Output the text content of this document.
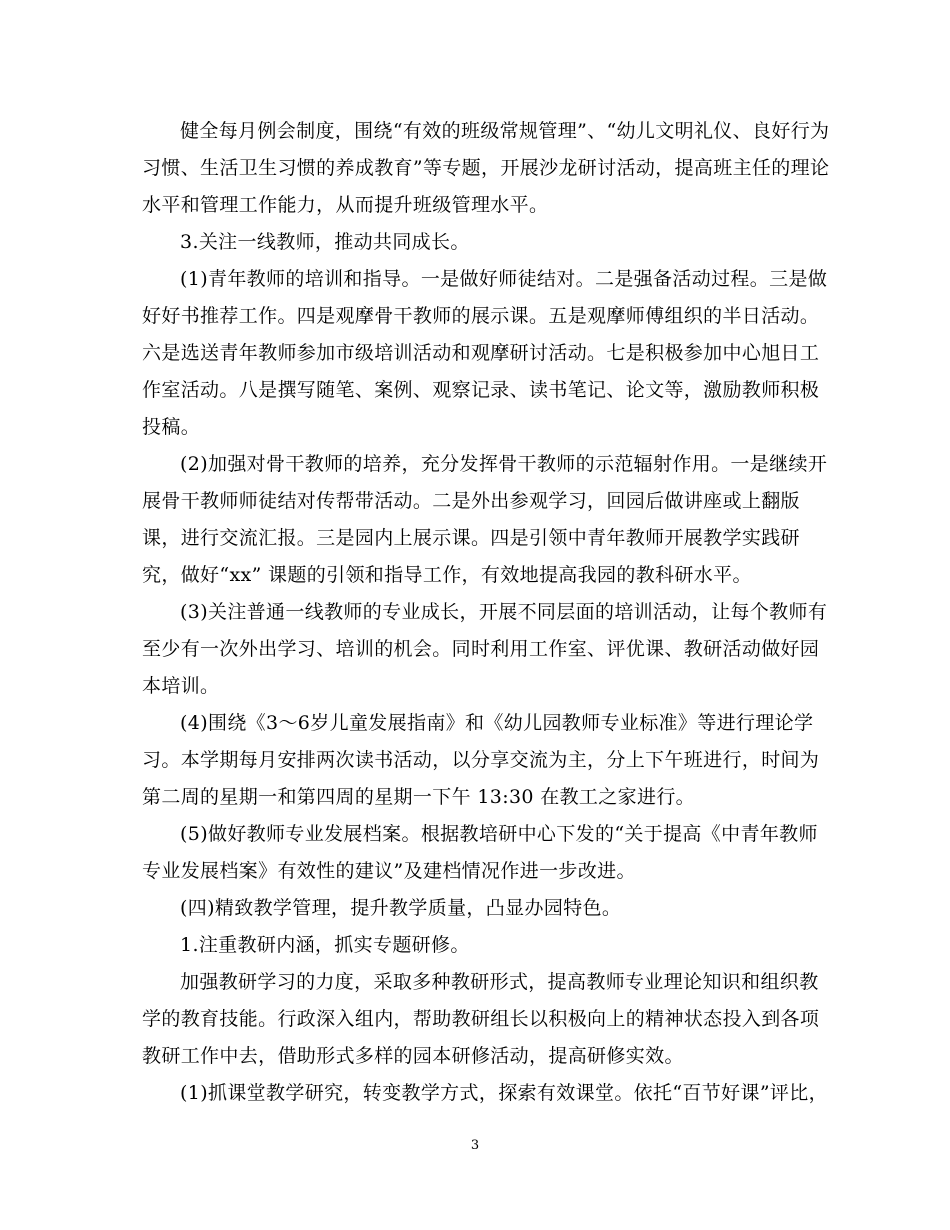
健全每月例会制度，围绕“有效的班级常规管理”、“幼儿文明礼仪、良好行为
习惯、生活卫生习惯的养成教育”等专题，开展沙龙研讨活动，提高班主任的理论
水平和管理工作能力，从而提升班级管理水平。
3.关注一线教师，推动共同成长。
(1)青年教师的培训和指导。一是做好师徒结对。二是强备活动过程。三是做
好好书推荐工作。四是观摩骨干教师的展示课。五是观摩师傅组织的半日活动。
六是选送青年教师参加市级培训活动和观摩研讨活动。七是积极参加中心旭日工
作室活动。八是撰写随笔、案例、观察记录、读书笔记、论文等，激励教师积极
投稿。
(2)加强对骨干教师的培养，充分发挥骨干教师的示范辐射作用。一是继续开
展骨干教师师徒结对传帮带活动。二是外出参观学习，回园后做讲座或上翻版
课，进行交流汇报。三是园内上展示课。四是引领中青年教师开展教学实践研
究，做好“xx” 课题的引领和指导工作，有效地提高我园的教科研水平。
(3)关注普通一线教师的专业成长，开展不同层面的培训活动，让每个教师有
至少有一次外出学习、培训的机会。同时利用工作室、评优课、教研活动做好园
本培训。
(4)围绕《3～6岁儿童发展指南》和《幼儿园教师专业标准》等进行理论学
习。本学期每月安排两次读书活动，以分享交流为主，分上下午班进行，时间为
第二周的星期一和第四周的星期一下午 13:30 在教工之家进行。
(5)做好教师专业发展档案。根据教培研中心下发的“关于提高《中青年教师
专业发展档案》有效性的建议”及建档情况作进一步改进。
(四)精致教学管理，提升教学质量，凸显办园特色。
1.注重教研内涵，抓实专题研修。
加强教研学习的力度，采取多种教研形式，提高教师专业理论知识和组织教
学的教育技能。行政深入组内，帮助教研组长以积极向上的精神状态投入到各项
教研工作中去，借助形式多样的园本研修活动，提高研修实效。
(1)抓课堂教学研究，转变教学方式，探索有效课堂。依托“百节好课”评比，
3
